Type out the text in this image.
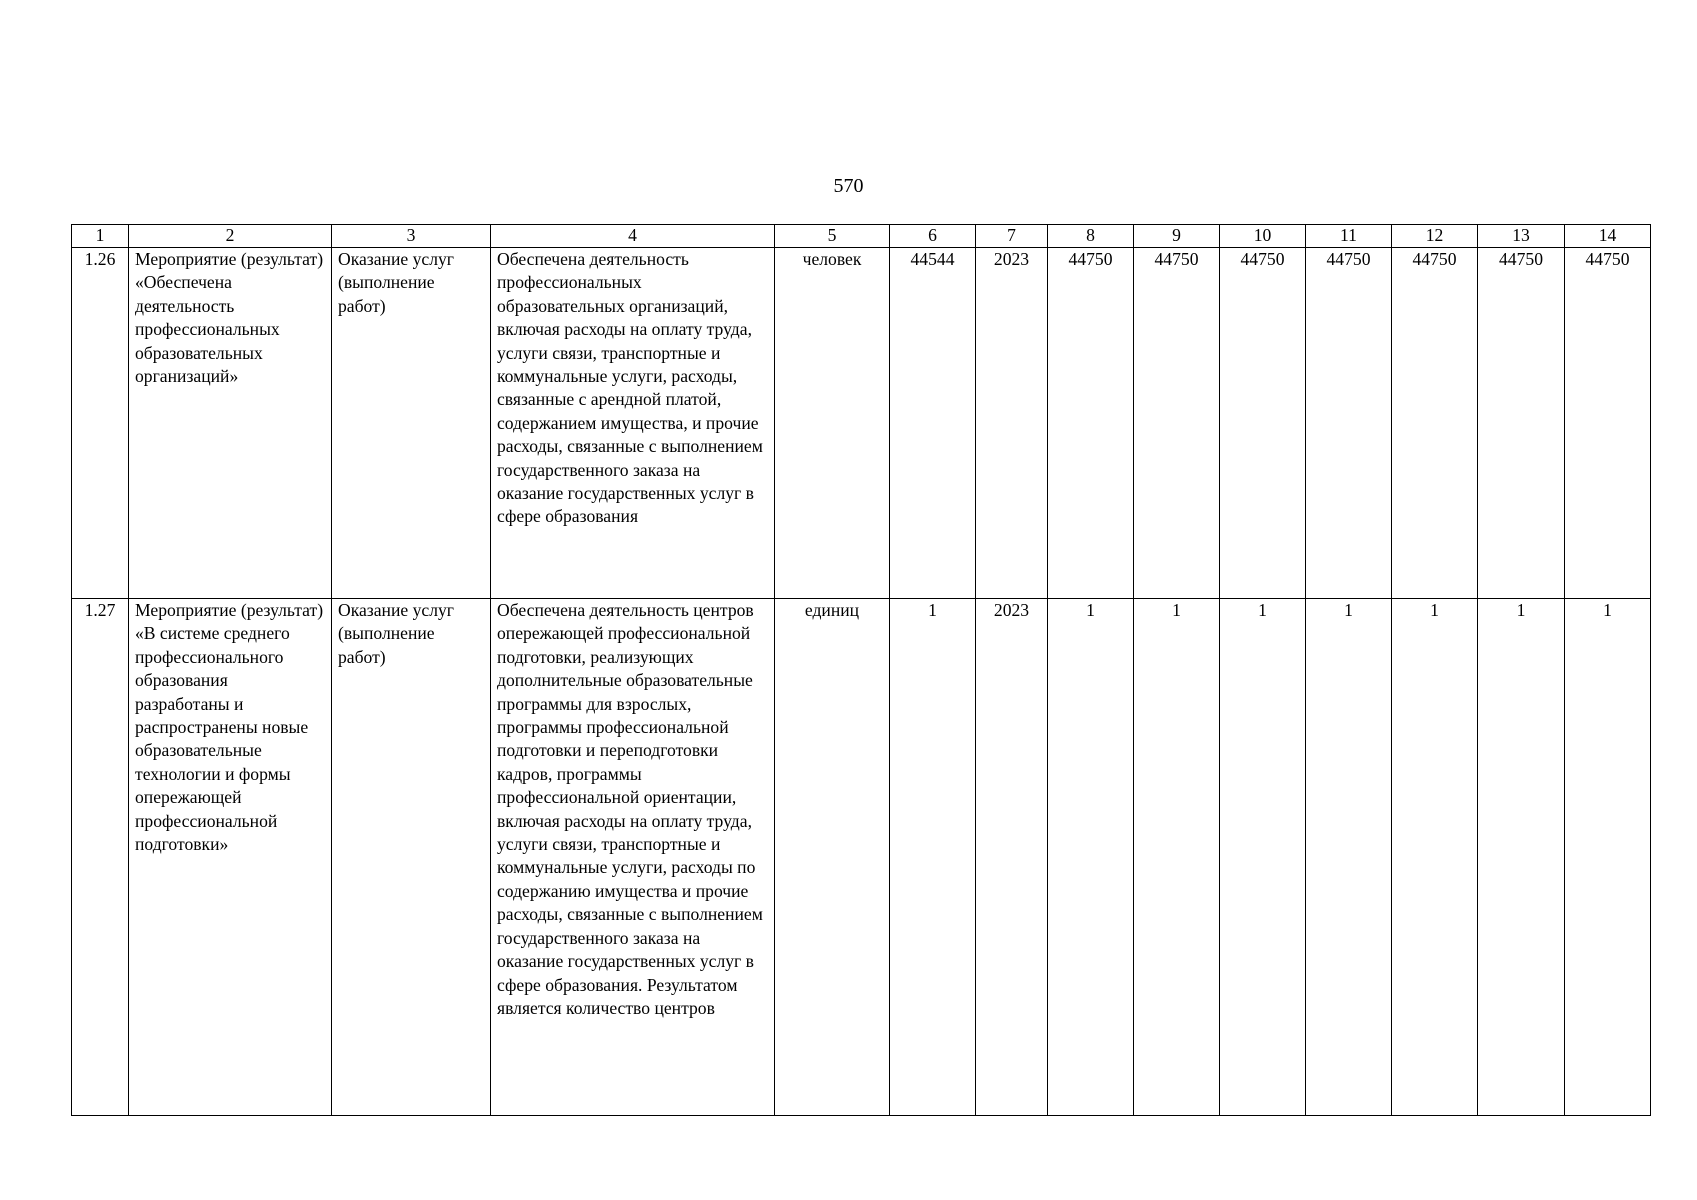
570
1	2	3	4	5	6	7	8	9	10	11	12	13	14
1.26	Мероприятие (результат) «Обеспечена деятельность профессиональных образовательных организаций»	Оказание услуг (выполнение работ)	Обеспечена деятельность профессиональных образовательных организаций, включая расходы на оплату труда, услуги связи, транспортные и коммунальные услуги, расходы, связанные с арендной платой, содержанием имущества, и прочие расходы, связанные с выполнением государственного заказа на оказание государственных услуг в сфере образования	человек	44544	2023	44750	44750	44750	44750	44750	44750	44750
1.27	Мероприятие (результат) «В системе среднего профессионального образования разработаны и распространены новые образовательные технологии и формы опережающей профессиональной подготовки»	Оказание услуг (выполнение работ)	Обеспечена деятельность центров опережающей профессиональной подготовки, реализующих дополнительные образовательные программы для взрослых, программы профессиональной подготовки и переподготовки кадров, программы профессиональной ориентации, включая расходы на оплату труда, услуги связи, транспортные и коммунальные услуги, расходы по содержанию имущества и прочие расходы, связанные с выполнением государственного заказа на оказание государственных услуг в сфере образования. Результатом является количество центров	единиц	1	2023	1	1	1	1	1	1	1
